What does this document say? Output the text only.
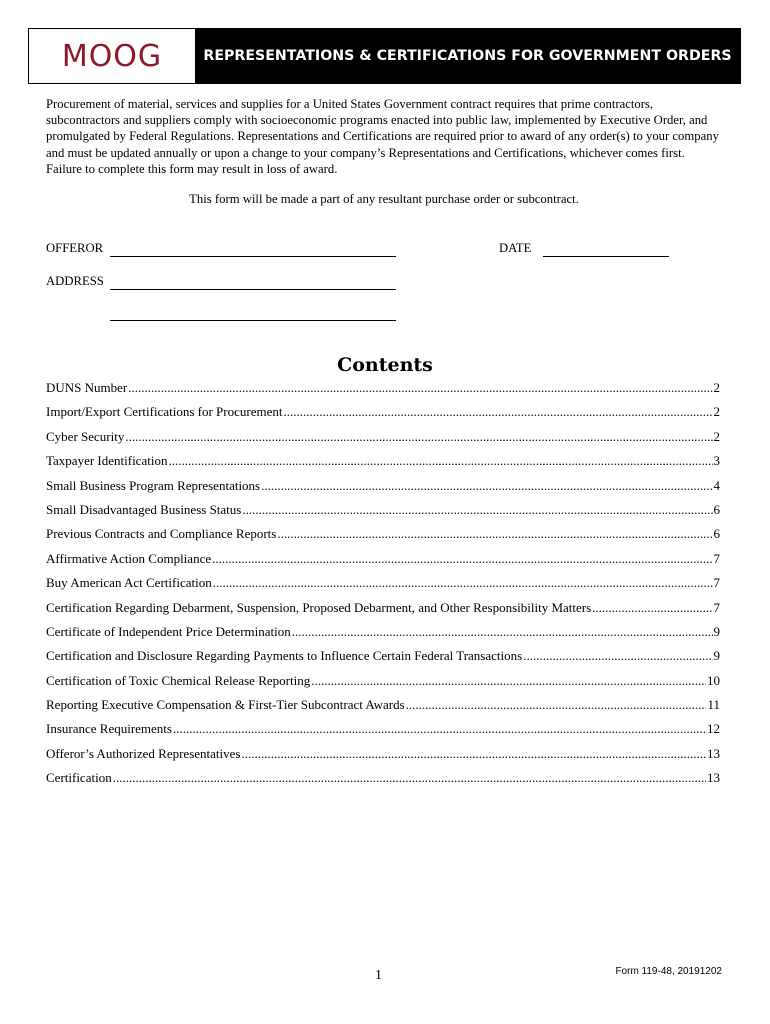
MOOG	REPRESENTATIONS & CERTIFICATIONS FOR GOVERNMENT ORDERS

Procurement of material, services and supplies for a United States Government contract requires that prime contractors, subcontractors and suppliers comply with socioeconomic programs enacted into public law, implemented by Executive Order, and promulgated by Federal Regulations. Representations and Certifications are required prior to award of any order(s) to your company and must be updated annually or upon a change to your company’s Representations and Certifications, whichever comes first. Failure to complete this form may result in loss of award.

This form will be made a part of any resultant purchase order or subcontract.

OFFEROR	DATE
ADDRESS
Contents
DUNS Number .....	2
Import/Export Certifications for Procurement .....	2
Cyber Security .....	2
Taxpayer Identification .....	3
Small Business Program Representations .....	4
Small Disadvantaged Business Status .....	6
Previous Contracts and Compliance Reports .....	6
Affirmative Action Compliance .....	7
Buy American Act Certification .....	7
Certification Regarding Debarment, Suspension, Proposed Debarment, and Other Responsibility Matters .....	7
Certificate of Independent Price Determination .....	9
Certification and Disclosure Regarding Payments to Influence Certain Federal Transactions .....	9
Certification of Toxic Chemical Release Reporting .....	10
Reporting Executive Compensation & First-Tier Subcontract Awards .....	11
Insurance Requirements .....	12
Offeror’s Authorized Representatives .....	13
Certification .....	13
1	Form 119-48, 20191202
